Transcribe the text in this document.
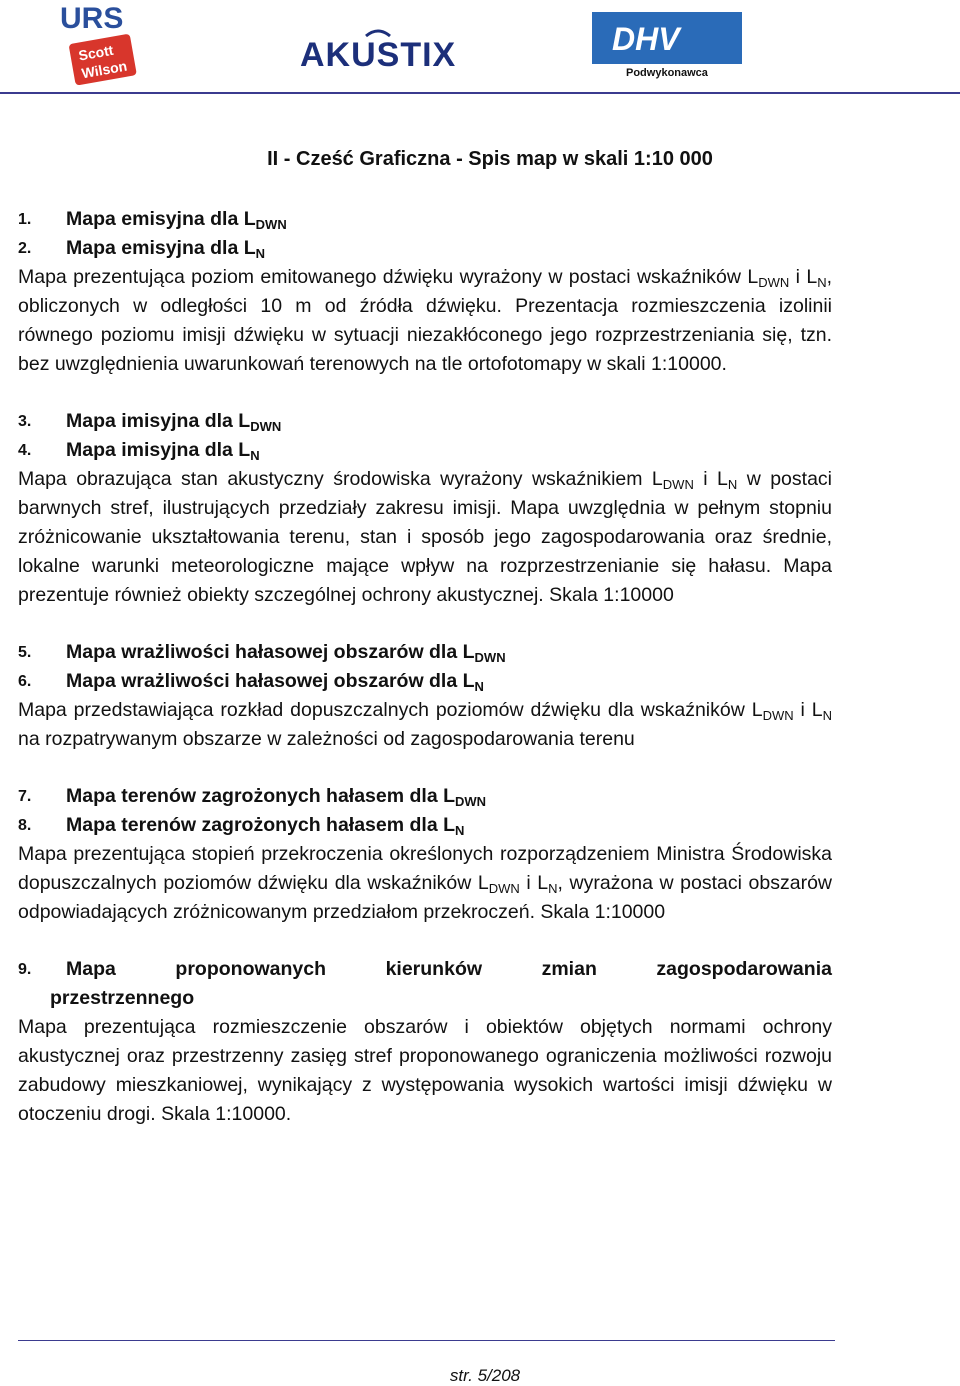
URS
Scott
Wilson	AKUSTIX	DHV
Podwykonawca
II - Cześć Graficzna - Spis map w skali 1:10 000
1.	Mapa emisyjna dla $L_{DWN}$
2.	Mapa emisyjna dla $L_N$

Mapa prezentująca poziom emitowanego dźwięku wyrażony w postaci wskaźników $L_{DWN}$ i $L_N$, obliczonych w odległości 10 m od źródła dźwięku. Prezentacja rozmieszczenia izolinii równego poziomu imisji dźwięku w sytuacji niezakłóconego jego rozprzestrzeniania się, tzn. bez uwzględnienia uwarunkowań terenowych na tle ortofotomapy w skali 1:10000.

3.	Mapa imisyjna dla $L_{DWN}$
4.	Mapa imisyjna dla $L_N$

Mapa obrazująca stan akustyczny środowiska wyrażony wskaźnikiem $L_{DWN}$ i $L_N$ w postaci barwnych stref, ilustrujących przedziały zakresu imisji. Mapa uwzględnia w pełnym stopniu zróżnicowanie ukształtowania terenu, stan i sposób jego zagospodarowania oraz średnie, lokalne warunki meteorologiczne mające wpływ na rozprzestrzenianie się hałasu. Mapa prezentuje również obiekty szczególnej ochrony akustycznej. Skala 1:10000

5.	Mapa wrażliwości hałasowej obszarów dla $L_{DWN}$
6.	Mapa wrażliwości hałasowej obszarów dla $L_N$

Mapa przedstawiająca rozkład dopuszczalnych poziomów dźwięku dla wskaźników $L_{DWN}$ i $L_N$ na rozpatrywanym obszarze w zależności od zagospodarowania terenu

7.	Mapa terenów zagrożonych hałasem dla $L_{DWN}$
8.	Mapa terenów zagrożonych hałasem dla $L_N$

Mapa prezentująca stopień przekroczenia określonych rozporządzeniem Ministra Środowiska dopuszczalnych poziomów dźwięku dla wskaźników $L_{DWN}$ i $L_N$, wyrażona w postaci obszarów odpowiadających zróżnicowanym przedziałom przekroczeń. Skala 1:10000

9.	Mapa	proponowanych	kierunków	zmian	zagospodarowania
przestrzennego

Mapa prezentująca rozmieszczenie obszarów i obiektów objętych normami ochrony akustycznej oraz przestrzenny zasięg stref proponowanego ograniczenia możliwości rozwoju zabudowy mieszkaniowej, wynikający z występowania wysokich wartości imisji dźwięku w otoczeniu drogi. Skala 1:10000.

str. 5/208
